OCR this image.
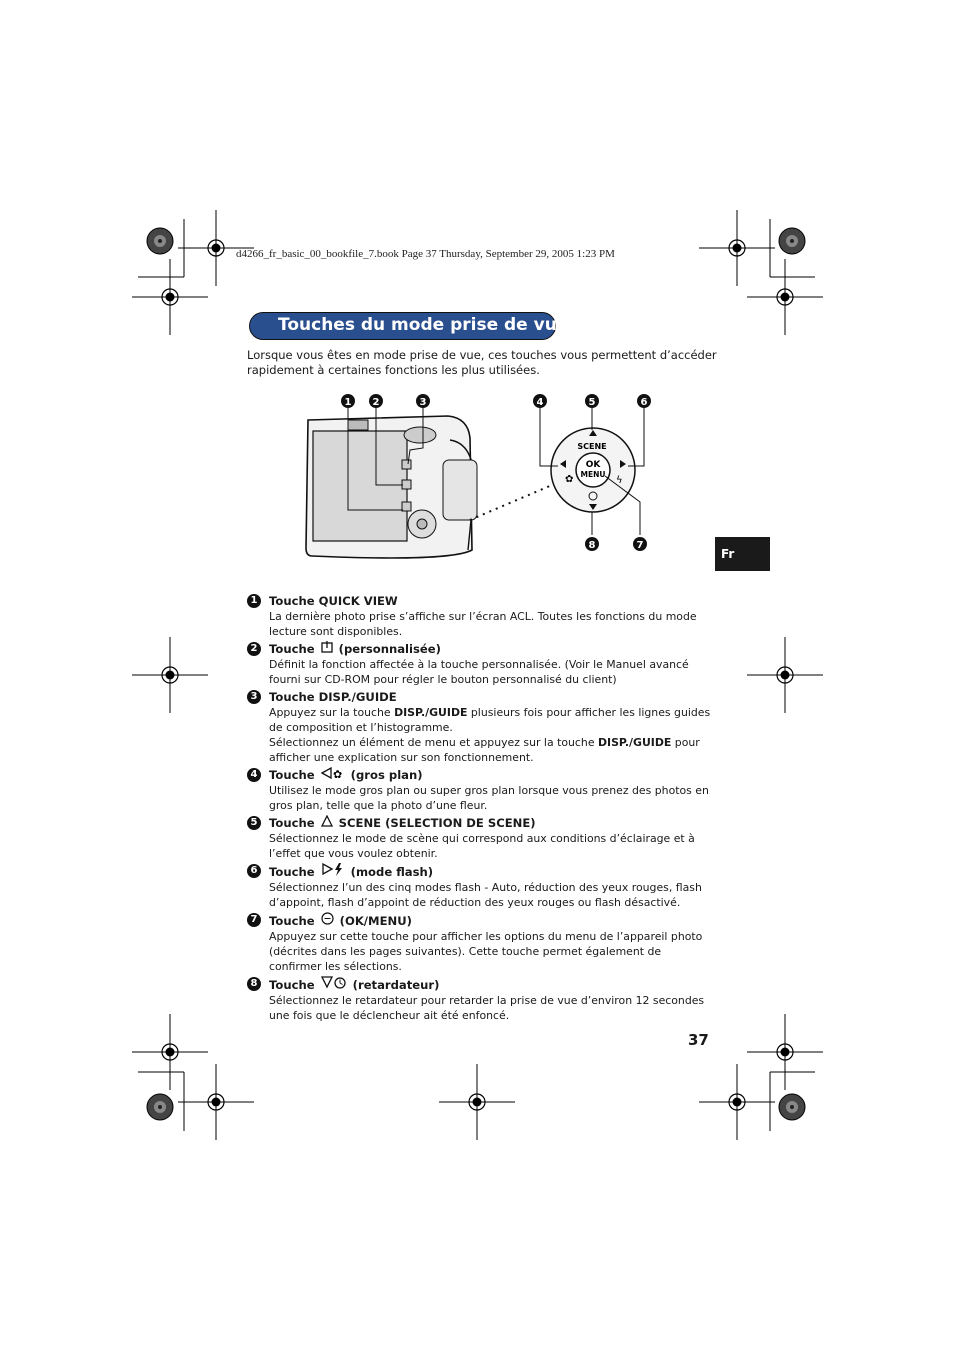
d4266_fr_basic_00_bookfile_7.book Page 37 Thursday, September 29, 2005 1:23 PM
Touches du mode prise de vue

Lorsque vous êtes en mode prise de vue, ces touches vous permettent d’accéder rapidement à certaines fonctions les plus utilisées.

OK
MENU
SCENE
✿	ϟ
1 2	3	4	5	6
7
8
Fr
1 Touche QUICK VIEW

La dernière photo prise s’affiche sur l’écran ACL. Toutes les fonctions du mode lecture sont disponibles.

2 Touche (personnalisée)

Définit la fonction affectée à la touche personnalisée. (Voir le Manuel avancé fourni sur CD-ROM pour régler le bouton personnalisé du client)

3 Touche DISP./GUIDE

Appuyez sur la touche DISP./GUIDE plusieurs fois pour afficher les lignes guides de composition et l’histogramme.
Sélectionnez un élément de menu et appuyez sur la touche DISP./GUIDE pour afficher une explication sur son fonctionnement.

4 Touche ✿ (gros plan)

Utilisez le mode gros plan ou super gros plan lorsque vous prenez des photos en gros plan, telle que la photo d’une fleur.

5 Touche SCENE (SELECTION DE SCENE)

Sélectionnez le mode de scène qui correspond aux conditions d’éclairage et à l’effet que vous voulez obtenir.

6 Touche	(mode flash)

Sélectionnez l’un des cinq modes flash - Auto, réduction des yeux rouges, flash d’appoint, flash d’appoint de réduction des yeux rouges ou flash désactivé.

7 Touche (OK/MENU)

Appuyez sur cette touche pour afficher les options du menu de l’appareil photo (décrites dans les pages suivantes). Cette touche permet également de confirmer les sélections.

8 Touche	(retardateur)

Sélectionnez le retardateur pour retarder la prise de vue d’environ 12 secondes une fois que le déclencheur ait été enfoncé.

37
